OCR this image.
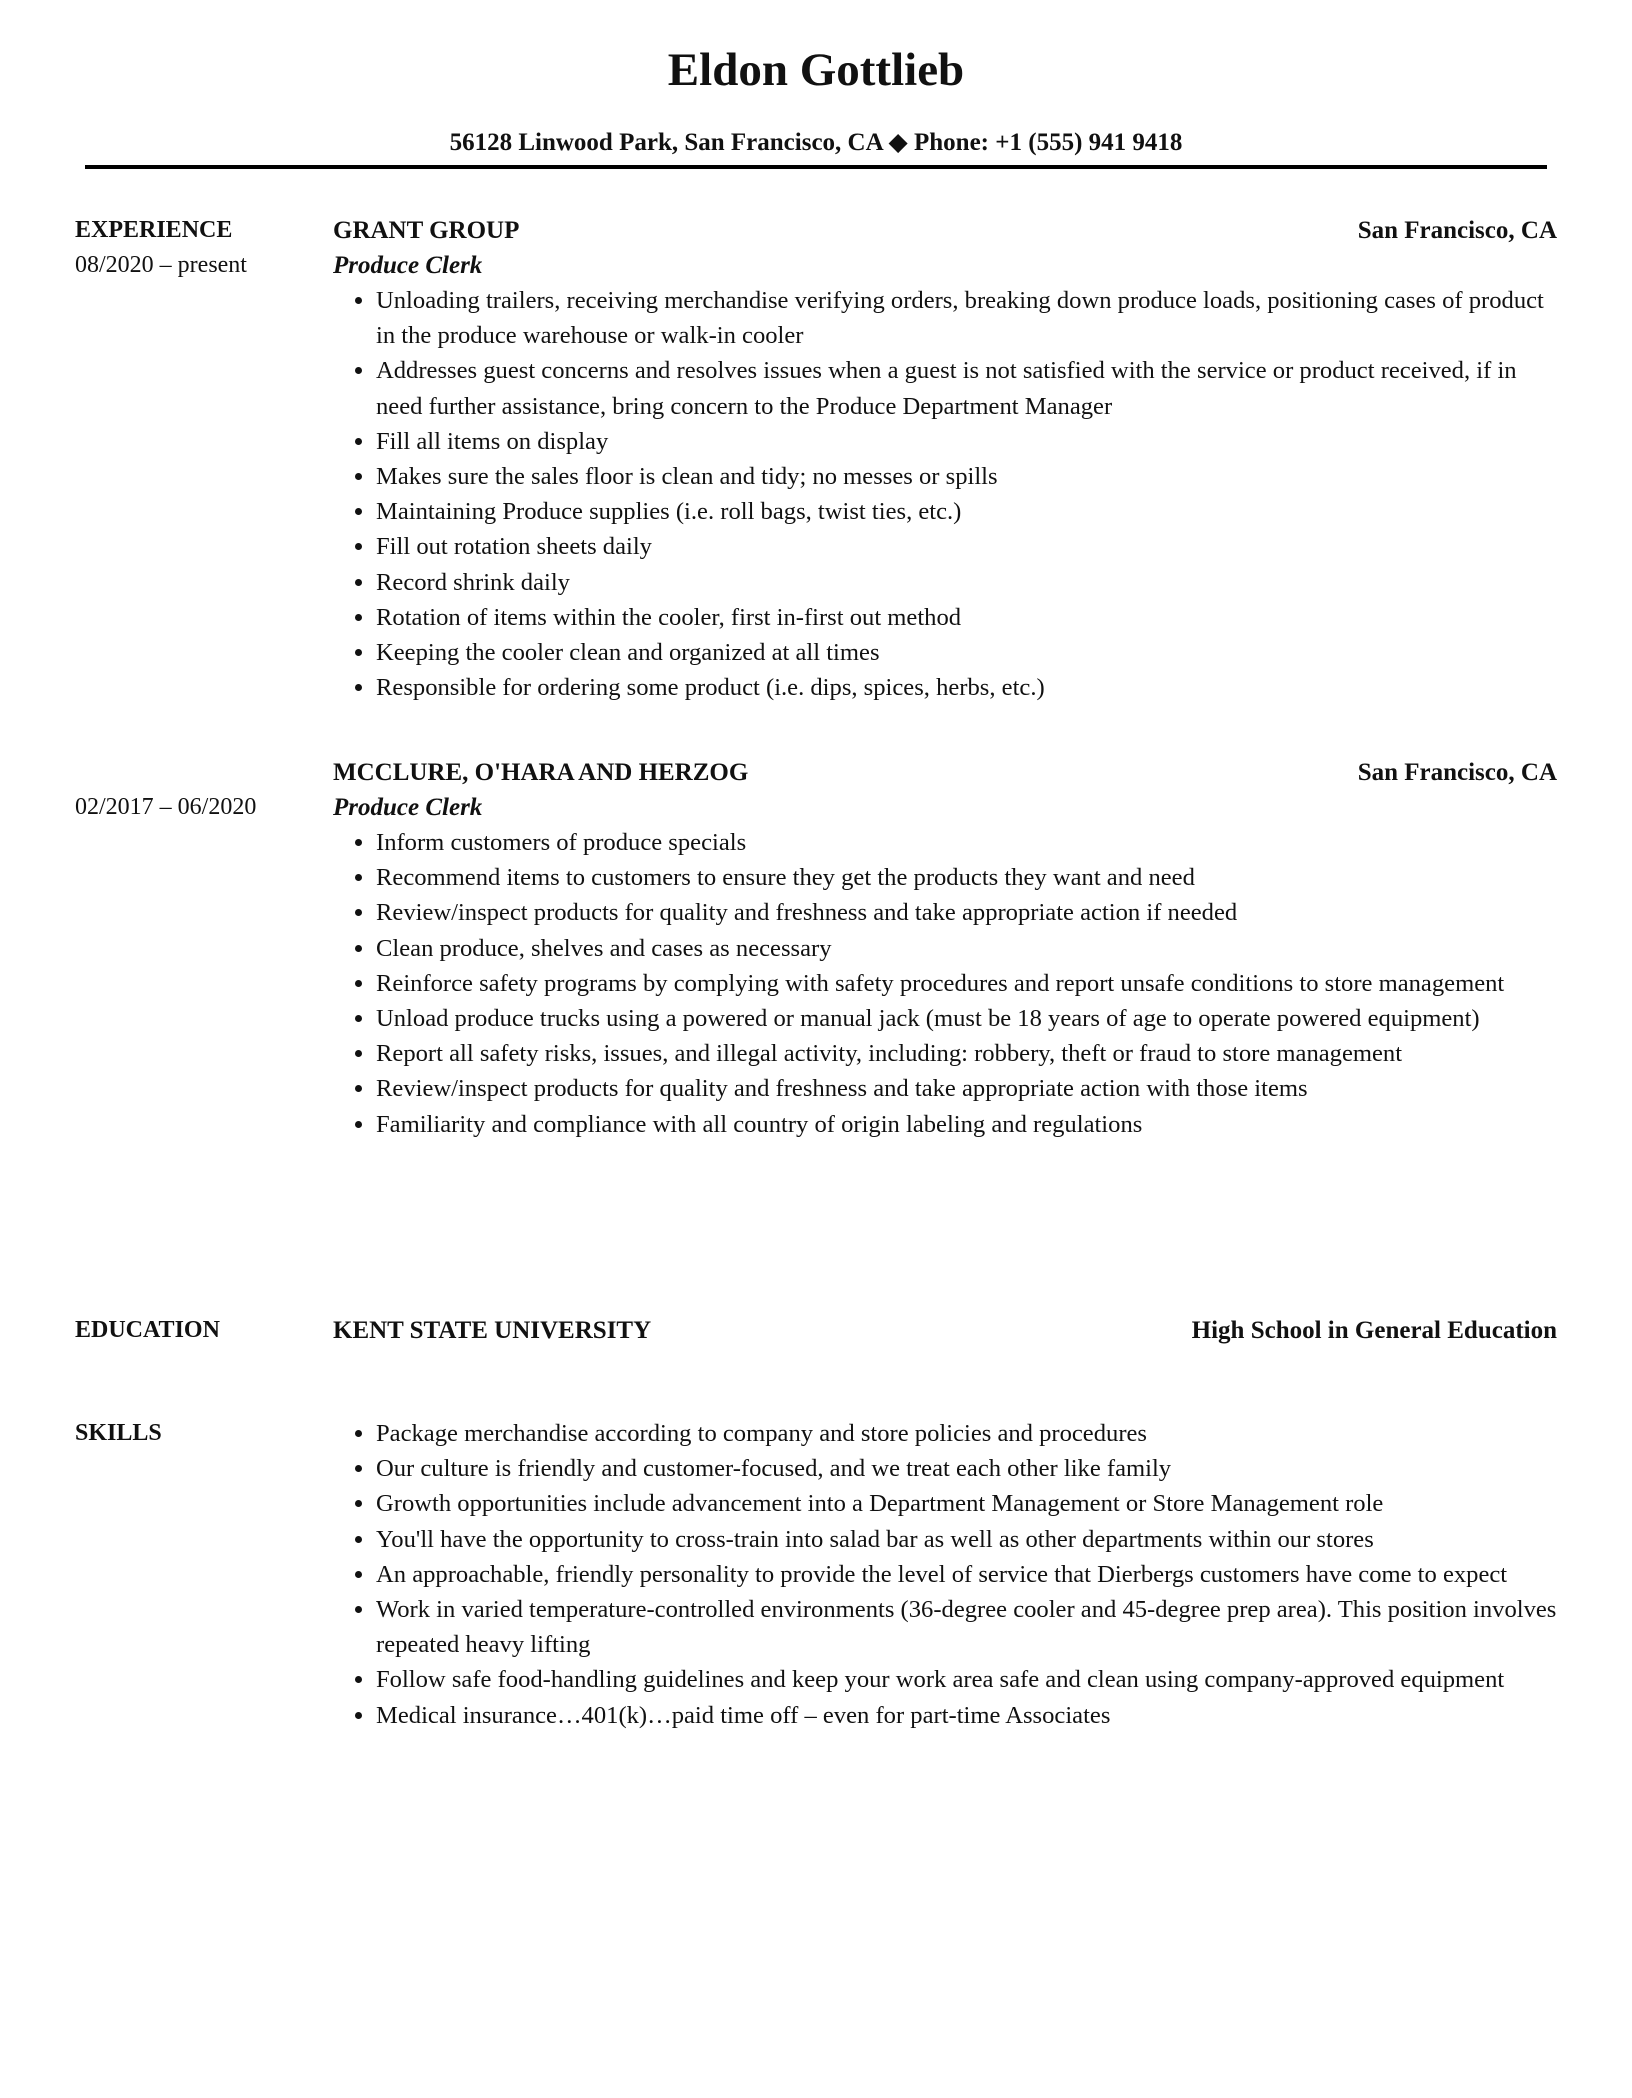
Eldon Gottlieb
56128 Linwood Park, San Francisco, CA ◆ Phone: +1 (555) 941 9418
EXPERIENCE
08/2020 – present
GRANT GROUP	San Francisco, CA
Produce Clerk
• Unloading trailers, receiving merchandise verifying orders, breaking down produce loads, positioning cases of product in the produce warehouse or walk-in cooler
• Addresses guest concerns and resolves issues when a guest is not satisfied with the service or product received, if in need further assistance, bring concern to the Produce Department Manager
• Fill all items on display
• Makes sure the sales floor is clean and tidy; no messes or spills
• Maintaining Produce supplies (i.e. roll bags, twist ties, etc.)
• Fill out rotation sheets daily
• Record shrink daily
• Rotation of items within the cooler, first in-first out method
• Keeping the cooler clean and organized at all times
• Responsible for ordering some product (i.e. dips, spices, herbs, etc.)
02/2017 – 06/2020
MCCLURE, O'HARA AND HERZOG	San Francisco, CA
Produce Clerk
• Inform customers of produce specials
• Recommend items to customers to ensure they get the products they want and need
• Review/inspect products for quality and freshness and take appropriate action if needed
• Clean produce, shelves and cases as necessary
• Reinforce safety programs by complying with safety procedures and report unsafe conditions to store management
• Unload produce trucks using a powered or manual jack (must be 18 years of age to operate powered equipment)
• Report all safety risks, issues, and illegal activity, including: robbery, theft or fraud to store management
• Review/inspect products for quality and freshness and take appropriate action with those items
• Familiarity and compliance with all country of origin labeling and regulations
EDUCATION	KENT STATE UNIVERSITY	High School in General Education
SKILLS	• Package merchandise according to company and store policies and procedures
• Our culture is friendly and customer-focused, and we treat each other like family
• Growth opportunities include advancement into a Department Management or Store Management role
• You'll have the opportunity to cross-train into salad bar as well as other departments within our stores
• An approachable, friendly personality to provide the level of service that Dierbergs customers have come to expect
• Work in varied temperature-controlled environments (36-degree cooler and 45-degree prep area). This position involves repeated heavy lifting
• Follow safe food-handling guidelines and keep your work area safe and clean using company-approved equipment
• Medical insurance…401(k)…paid time off – even for part-time Associates
